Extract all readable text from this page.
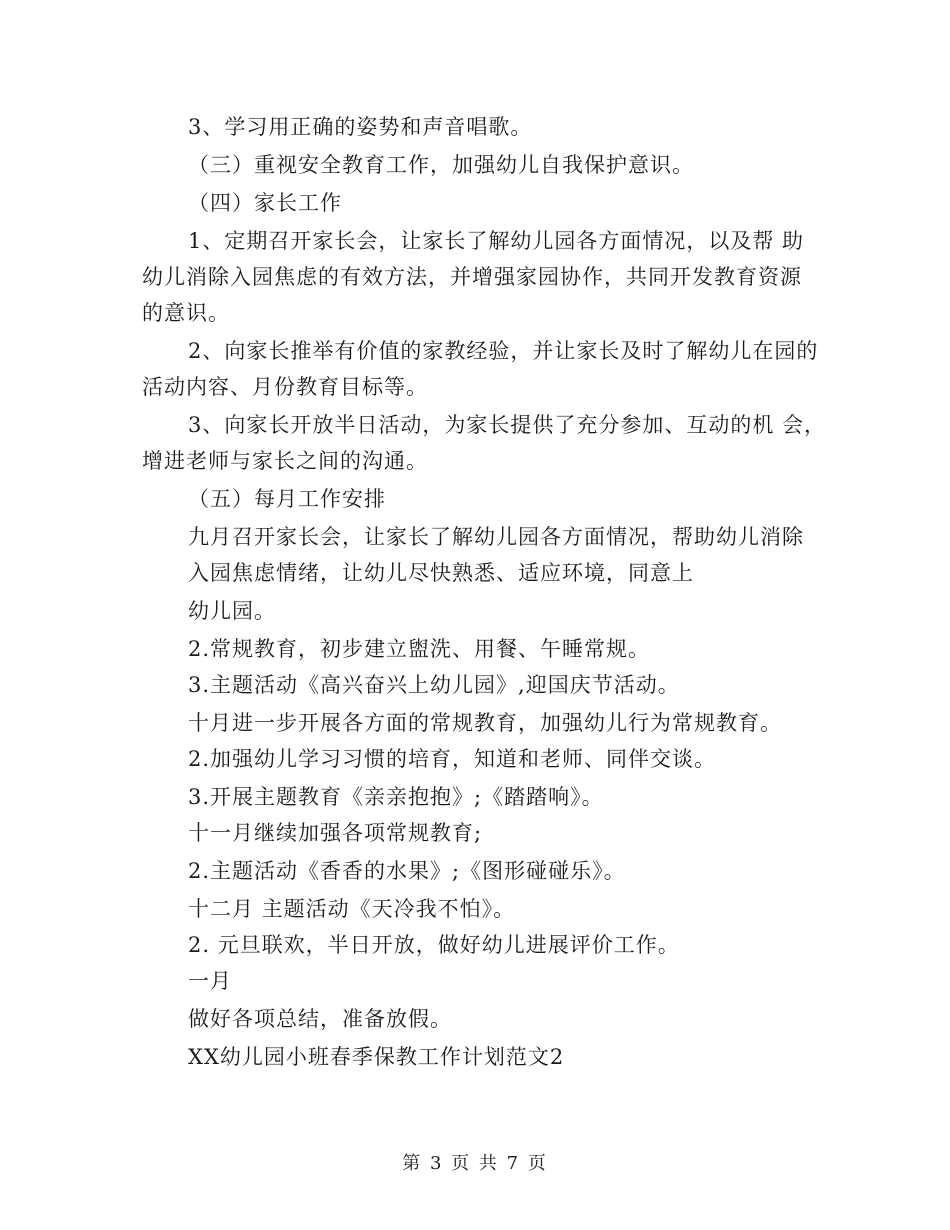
3、学习用正确的姿势和声音唱歌。
（三）重视安全教育工作，加强幼儿自我保护意识。
（四）家长工作
1、定期召开家长会，让家长了解幼儿园各方面情况，以及帮 助
幼儿消除入园焦虑的有效方法，并增强家园协作，共同开发教育资源
的意识。
2、向家长推举有价值的家教经验，并让家长及时了解幼儿在园的
活动内容、月份教育目标等。
3、向家长开放半日活动，为家长提供了充分参加、互动的机 会，
增进老师与家长之间的沟通。
（五）每月工作安排
九月召开家长会，让家长了解幼儿园各方面情况，帮助幼儿消除
入园焦虑情绪，让幼儿尽快熟悉、适应环境，同意上
幼儿园。
2.常规教育，初步建立盥洗、用餐、午睡常规。
3.主题活动《高兴奋兴上幼儿园》,迎国庆节活动。
十月进一步开展各方面的常规教育，加强幼儿行为常规教育。
2.加强幼儿学习习惯的培育，知道和老师、同伴交谈。
3.开展主题教育《亲亲抱抱》;《踏踏响》。
十一月继续加强各项常规教育;
2.主题活动《香香的水果》;《图形碰碰乐》。
十二月 主题活动《天冷我不怕》。
2. 元旦联欢，半日开放，做好幼儿进展评价工作。
一月
做好各项总结，准备放假。
XX幼儿园小班春季保教工作计划范文2
第 3 页 共 7 页
